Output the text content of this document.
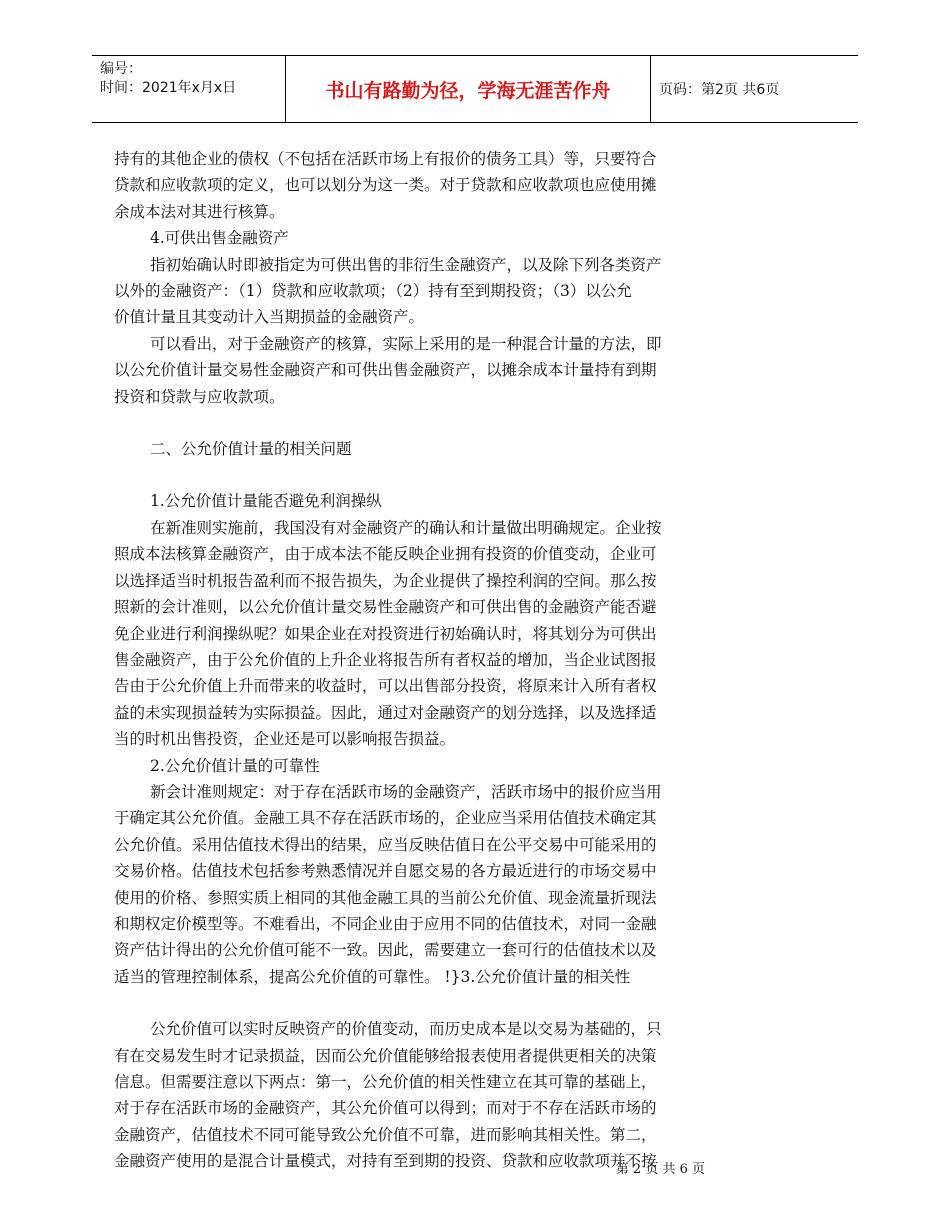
编号：
时间：2021年x月x日	书山有路勤为径，学海无涯苦作舟	页码：第2页 共6页

持有的其他企业的债权（不包括在活跃市场上有报价的债务工具）等，只要符合

贷款和应收款项的定义，也可以划分为这一类。对于贷款和应收款项也应使用摊

余成本法对其进行核算。

4.可供出售金融资产

指初始确认时即被指定为可供出售的非衍生金融资产，以及除下列各类资产

以外的金融资产：（1）贷款和应收款项；（2）持有至到期投资；（3）以公允

价值计量且其变动计入当期损益的金融资产。

可以看出，对于金融资产的核算，实际上采用的是一种混合计量的方法，即

以公允价值计量交易性金融资产和可供出售金融资产，以摊余成本计量持有到期

投资和贷款与应收款项。

二、公允价值计量的相关问题

1.公允价值计量能否避免利润操纵

在新准则实施前，我国没有对金融资产的确认和计量做出明确规定。企业按

照成本法核算金融资产，由于成本法不能反映企业拥有投资的价值变动，企业可

以选择适当时机报告盈利而不报告损失，为企业提供了操控利润的空间。那么按

照新的会计准则，以公允价值计量交易性金融资产和可供出售的金融资产能否避

免企业进行利润操纵呢？如果企业在对投资进行初始确认时，将其划分为可供出

售金融资产，由于公允价值的上升企业将报告所有者权益的增加，当企业试图报

告由于公允价值上升而带来的收益时，可以出售部分投资，将原来计入所有者权

益的未实现损益转为实际损益。因此，通过对金融资产的划分选择，以及选择适

当的时机出售投资，企业还是可以影响报告损益。

2.公允价值计量的可靠性

新会计准则规定：对于存在活跃市场的金融资产，活跃市场中的报价应当用

于确定其公允价值。金融工具不存在活跃市场的，企业应当采用估值技术确定其

公允价值。采用估值技术得出的结果，应当反映估值日在公平交易中可能采用的

交易价格。估值技术包括参考熟悉情况并自愿交易的各方最近进行的市场交易中

使用的价格、参照实质上相同的其他金融工具的当前公允价值、现金流量折现法

和期权定价模型等。不难看出，不同企业由于应用不同的估值技术，对同一金融

资产估计得出的公允价值可能不一致。因此，需要建立一套可行的估值技术以及

适当的管理控制体系，提高公允价值的可靠性。 !}3.公允价值计量的相关性

公允价值可以实时反映资产的价值变动，而历史成本是以交易为基础的，只

有在交易发生时才记录损益，因而公允价值能够给报表使用者提供更相关的决策

信息。但需要注意以下两点：第一，公允价值的相关性建立在其可靠的基础上，

对于存在活跃市场的金融资产，其公允价值可以得到；而对于不存在活跃市场的

金融资产，估值技术不同可能导致公允价值不可靠，进而影响其相关性。第二，

金融资产使用的是混合计量模式，对持有至到期的投资、贷款和应收款项并不按

第 2 页 共 6 页
